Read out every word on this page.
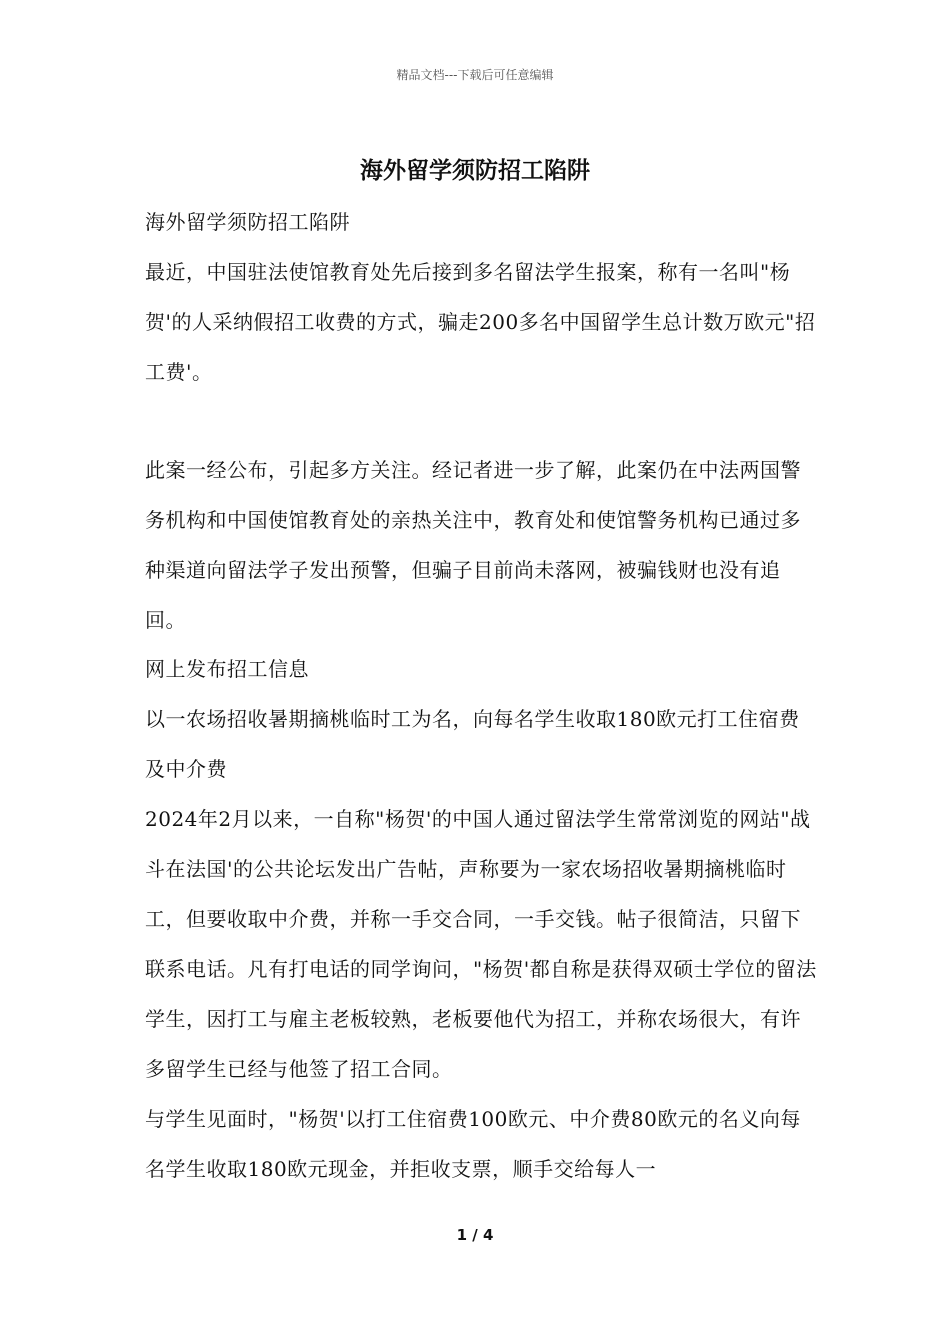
精品文档---下载后可任意编辑
海外留学须防招工陷阱

海外留学须防招工陷阱

最近，中国驻法使馆教育处先后接到多名留法学生报案，称有一名叫"杨贺'的人采纳假招工收费的方式，骗走200多名中国留学生总计数万欧元"招工费'。

此案一经公布，引起多方关注。经记者进一步了解，此案仍在中法两国警务机构和中国使馆教育处的亲热关注中，教育处和使馆警务机构已通过多种渠道向留法学子发出预警，但骗子目前尚未落网，被骗钱财也没有追回。

网上发布招工信息

以一农场招收暑期摘桃临时工为名，向每名学生收取180欧元打工住宿费及中介费

2024年2月以来，一自称"杨贺'的中国人通过留法学生常常浏览的网站"战斗在法国'的公共论坛发出广告帖，声称要为一家农场招收暑期摘桃临时工，但要收取中介费，并称一手交合同，一手交钱。帖子很简洁，只留下联系电话。凡有打电话的同学询问，"杨贺'都自称是获得双硕士学位的留法学生，因打工与雇主老板较熟，老板要他代为招工，并称农场很大，有许多留学生已经与他签了招工合同。

与学生见面时，"杨贺'以打工住宿费100欧元、中介费80欧元的名义向每名学生收取180欧元现金，并拒收支票，顺手交给每人一

1 / 4
